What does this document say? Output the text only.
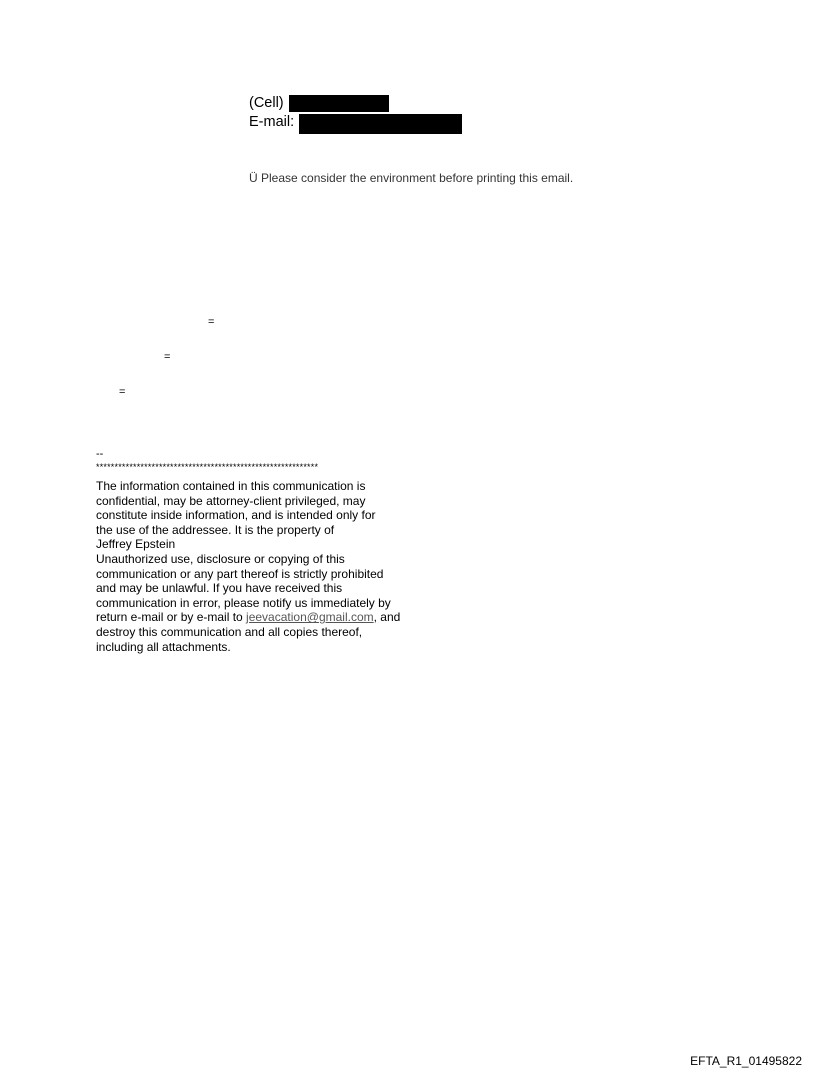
(Cell)
E-mail:
Ü Please consider the environment before printing this email.
=
=
=
--
************************************************************
The information contained in this communication is
confidential, may be attorney-client privileged, may
constitute inside information, and is intended only for
the use of the addressee. It is the property of
Jeffrey Epstein
Unauthorized use, disclosure or copying of this
communication or any part thereof is strictly prohibited
and may be unlawful. If you have received this
communication in error, please notify us immediately by
return e-mail or by e-mail to jeevacation@gmail.com, and
destroy this communication and all copies thereof,
including all attachments.
EFTA_R1_01495822
